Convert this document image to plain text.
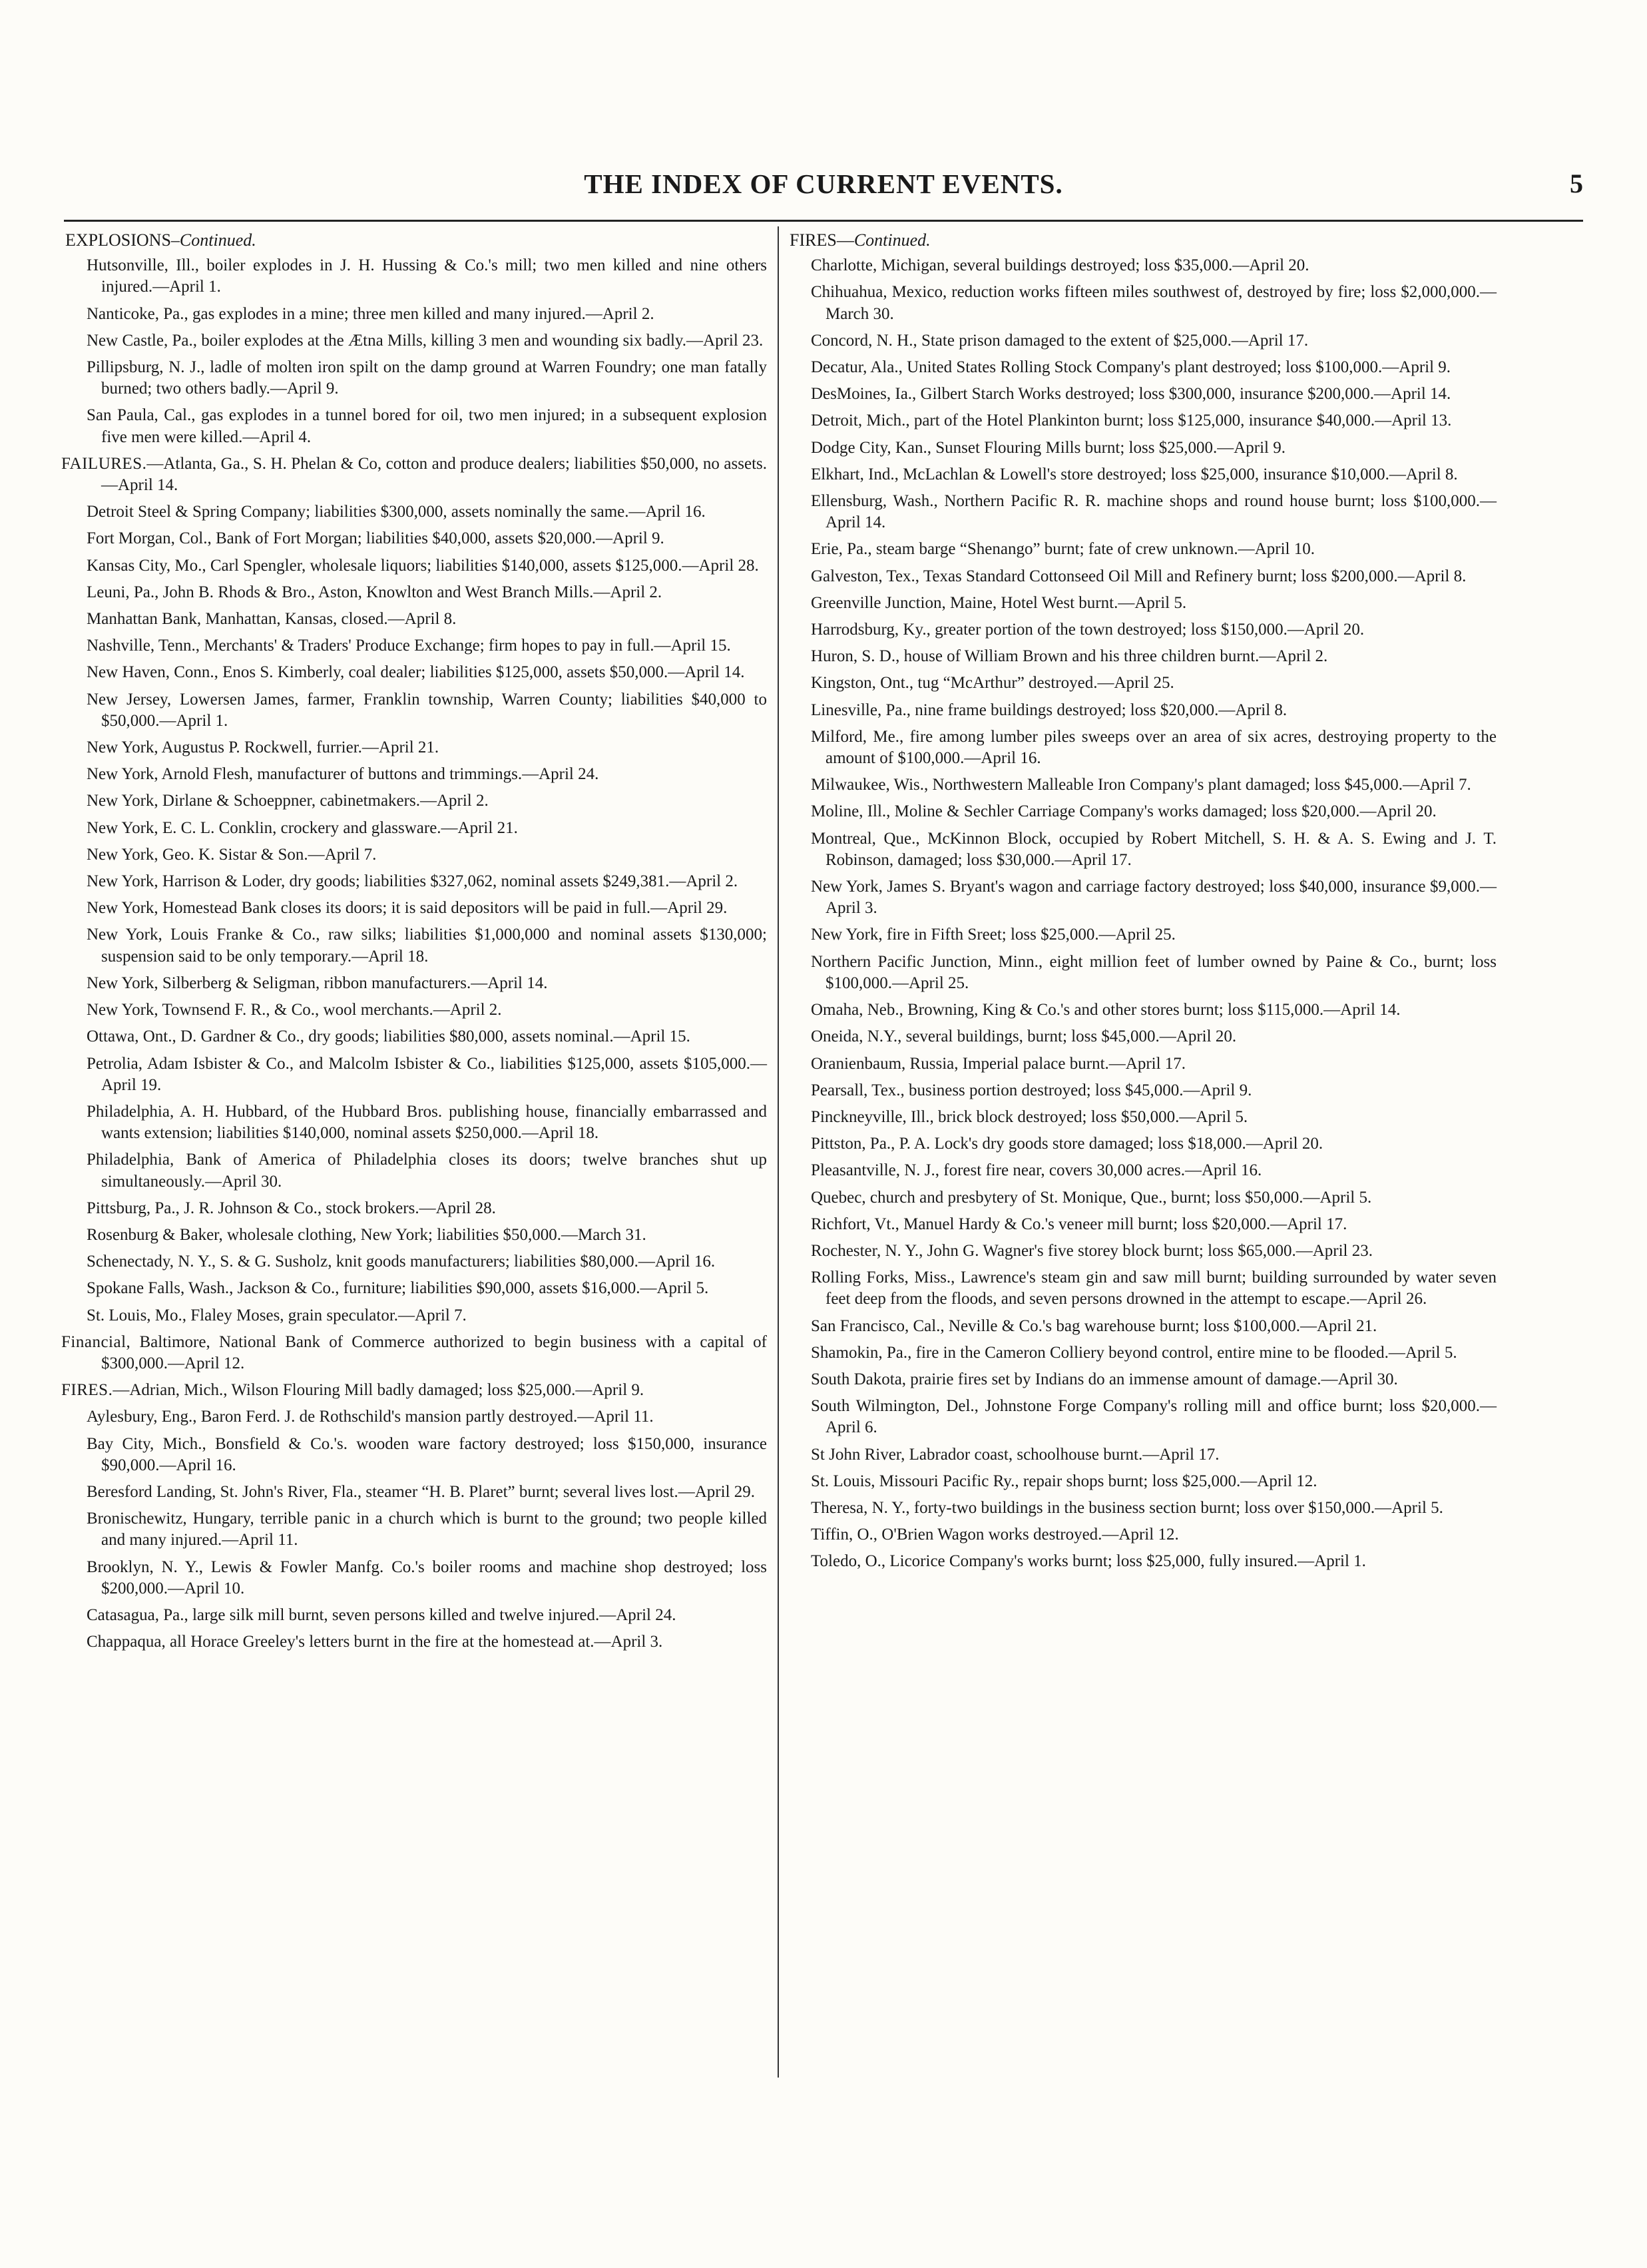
THE INDEX OF CURRENT EVENTS.	5
EXPLOSIONS–Continued.

Hutsonville, Ill., boiler explodes in J. H. Hussing & Co.'s mill; two men killed and nine others injured.—April 1.

Nanticoke, Pa., gas explodes in a mine; three men killed and many injured.—April 2.

New Castle, Pa., boiler explodes at the Ætna Mills, killing 3 men and wounding six badly.—April 23.

Pillipsburg, N. J., ladle of molten iron spilt on the damp ground at Warren Foundry; one man fatally burned; two others badly.—April 9.

San Paula, Cal., gas explodes in a tunnel bored for oil, two men injured; in a subsequent explosion five men were killed.—April 4.

FAILURES.—Atlanta, Ga., S. H. Phelan & Co, cotton and produce dealers; liabilities $50,000, no assets.—April 14.

Detroit Steel & Spring Company; liabilities $300,000, assets nominally the same.—April 16.

Fort Morgan, Col., Bank of Fort Morgan; liabilities $40,000, assets $20,000.—April 9.

Kansas City, Mo., Carl Spengler, wholesale liquors; liabilities $140,000, assets $125,000.—April 28.

Leuni, Pa., John B. Rhods & Bro., Aston, Knowlton and West Branch Mills.—April 2.

Manhattan Bank, Manhattan, Kansas, closed.—April 8.

Nashville, Tenn., Merchants' & Traders' Produce Exchange; firm hopes to pay in full.—April 15.

New Haven, Conn., Enos S. Kimberly, coal dealer; liabilities $125,000, assets $50,000.—April 14.

New Jersey, Lowersen James, farmer, Franklin township, Warren County; liabilities $40,000 to $50,000.—April 1.

New York, Augustus P. Rockwell, furrier.—April 21.

New York, Arnold Flesh, manufacturer of buttons and trimmings.—April 24.

New York, Dirlane & Schoeppner, cabinetmakers.—April 2.

New York, E. C. L. Conklin, crockery and glassware.—April 21.

New York, Geo. K. Sistar & Son.—April 7.

New York, Harrison & Loder, dry goods; liabilities $327,062, nominal assets $249,381.—April 2.

New York, Homestead Bank closes its doors; it is said depositors will be paid in full.—April 29.

New York, Louis Franke & Co., raw silks; liabilities $1,000,000 and nominal assets $130,000; suspension said to be only temporary.—April 18.

New York, Silberberg & Seligman, ribbon manufacturers.—April 14.

New York, Townsend F. R., & Co., wool merchants.—April 2.

Ottawa, Ont., D. Gardner & Co., dry goods; liabilities $80,000, assets nominal.—April 15.

Petrolia, Adam Isbister & Co., and Malcolm Isbister & Co., liabilities $125,000, assets $105,000.—April 19.

Philadelphia, A. H. Hubbard, of the Hubbard Bros. publishing house, financially embarrassed and wants extension; liabilities $140,000, nominal assets $250,000.—April 18.

Philadelphia, Bank of America of Philadelphia closes its doors; twelve branches shut up simultaneously.—April 30.

Pittsburg, Pa., J. R. Johnson & Co., stock brokers.—April 28.

Rosenburg & Baker, wholesale clothing, New York; liabilities $50,000.—March 31.

Schenectady, N. Y., S. & G. Susholz, knit goods manufacturers; liabilities $80,000.—April 16.

Spokane Falls, Wash., Jackson & Co., furniture; liabilities $90,000, assets $16,000.—April 5.

St. Louis, Mo., Flaley Moses, grain speculator.—April 7.

Financial, Baltimore, National Bank of Commerce authorized to begin business with a capital of $300,000.—April 12.

FIRES.—Adrian, Mich., Wilson Flouring Mill badly damaged; loss $25,000.—April 9.

Aylesbury, Eng., Baron Ferd. J. de Rothschild's mansion partly destroyed.—April 11.

Bay City, Mich., Bonsfield & Co.'s. wooden ware factory destroyed; loss $150,000, insurance $90,000.—April 16.

Beresford Landing, St. John's River, Fla., steamer “H. B. Plaret” burnt; several lives lost.—April 29.

Bronischewitz, Hungary, terrible panic in a church which is burnt to the ground; two people killed and many injured.—April 11.

Brooklyn, N. Y., Lewis & Fowler Manfg. Co.'s boiler rooms and machine shop destroyed; loss $200,000.—April 10.

Catasagua, Pa., large silk mill burnt, seven persons killed and twelve injured.—April 24.

Chappaqua, all Horace Greeley's letters burnt in the fire at the homestead at.—April 3.

FIRES—Continued.

Charlotte, Michigan, several buildings destroyed; loss $35,000.—April 20.

Chihuahua, Mexico, reduction works fifteen miles southwest of, destroyed by fire; loss $2,000,000.—March 30.

Concord, N. H., State prison damaged to the extent of $25,000.—April 17.

Decatur, Ala., United States Rolling Stock Company's plant destroyed; loss $100,000.—April 9.

DesMoines, Ia., Gilbert Starch Works destroyed; loss $300,000, insurance $200,000.—April 14.

Detroit, Mich., part of the Hotel Plankinton burnt; loss $125,000, insurance $40,000.—April 13.

Dodge City, Kan., Sunset Flouring Mills burnt; loss $25,000.—April 9.

Elkhart, Ind., McLachlan & Lowell's store destroyed; loss $25,000, insurance $10,000.—April 8.

Ellensburg, Wash., Northern Pacific R. R. machine shops and round house burnt; loss $100,000.—April 14.

Erie, Pa., steam barge “Shenango” burnt; fate of crew unknown.—April 10.

Galveston, Tex., Texas Standard Cottonseed Oil Mill and Refinery burnt; loss $200,000.—April 8.

Greenville Junction, Maine, Hotel West burnt.—April 5.

Harrodsburg, Ky., greater portion of the town destroyed; loss $150,000.—April 20.

Huron, S. D., house of William Brown and his three children burnt.—April 2.

Kingston, Ont., tug “McArthur” destroyed.—April 25.

Linesville, Pa., nine frame buildings destroyed; loss $20,000.—April 8.

Milford, Me., fire among lumber piles sweeps over an area of six acres, destroying property to the amount of $100,000.—April 16.

Milwaukee, Wis., Northwestern Malleable Iron Company's plant damaged; loss $45,000.—April 7.

Moline, Ill., Moline & Sechler Carriage Company's works damaged; loss $20,000.—April 20.

Montreal, Que., McKinnon Block, occupied by Robert Mitchell, S. H. & A. S. Ewing and J. T. Robinson, damaged; loss $30,000.—April 17.

New York, James S. Bryant's wagon and carriage factory destroyed; loss $40,000, insurance $9,000.—April 3.

New York, fire in Fifth Sreet; loss $25,000.—April 25.

Northern Pacific Junction, Minn., eight million feet of lumber owned by Paine & Co., burnt; loss $100,000.—April 25.

Omaha, Neb., Browning, King & Co.'s and other stores burnt; loss $115,000.—April 14.

Oneida, N.Y., several buildings, burnt; loss $45,000.—April 20.

Oranienbaum, Russia, Imperial palace burnt.—April 17.

Pearsall, Tex., business portion destroyed; loss $45,000.—April 9.

Pinckneyville, Ill., brick block destroyed; loss $50,000.—April 5.

Pittston, Pa., P. A. Lock's dry goods store damaged; loss $18,000.—April 20.

Pleasantville, N. J., forest fire near, covers 30,000 acres.—April 16.

Quebec, church and presbytery of St. Monique, Que., burnt; loss $50,000.—April 5.

Richfort, Vt., Manuel Hardy & Co.'s veneer mill burnt; loss $20,000.—April 17.

Rochester, N. Y., John G. Wagner's five storey block burnt; loss $65,000.—April 23.

Rolling Forks, Miss., Lawrence's steam gin and saw mill burnt; building surrounded by water seven feet deep from the floods, and seven persons drowned in the attempt to escape.—April 26.

San Francisco, Cal., Neville & Co.'s bag warehouse burnt; loss $100,000.—April 21.

Shamokin, Pa., fire in the Cameron Colliery beyond control, entire mine to be flooded.—April 5.

South Dakota, prairie fires set by Indians do an immense amount of damage.—April 30.

South Wilmington, Del., Johnstone Forge Company's rolling mill and office burnt; loss $20,000.—April 6.

St John River, Labrador coast, schoolhouse burnt.—April 17.

St. Louis, Missouri Pacific Ry., repair shops burnt; loss $25,000.—April 12.

Theresa, N. Y., forty-two buildings in the business section burnt; loss over $150,000.—April 5.

Tiffin, O., O'Brien Wagon works destroyed.—April 12.

Toledo, O., Licorice Company's works burnt; loss $25,000, fully insured.—April 1.
